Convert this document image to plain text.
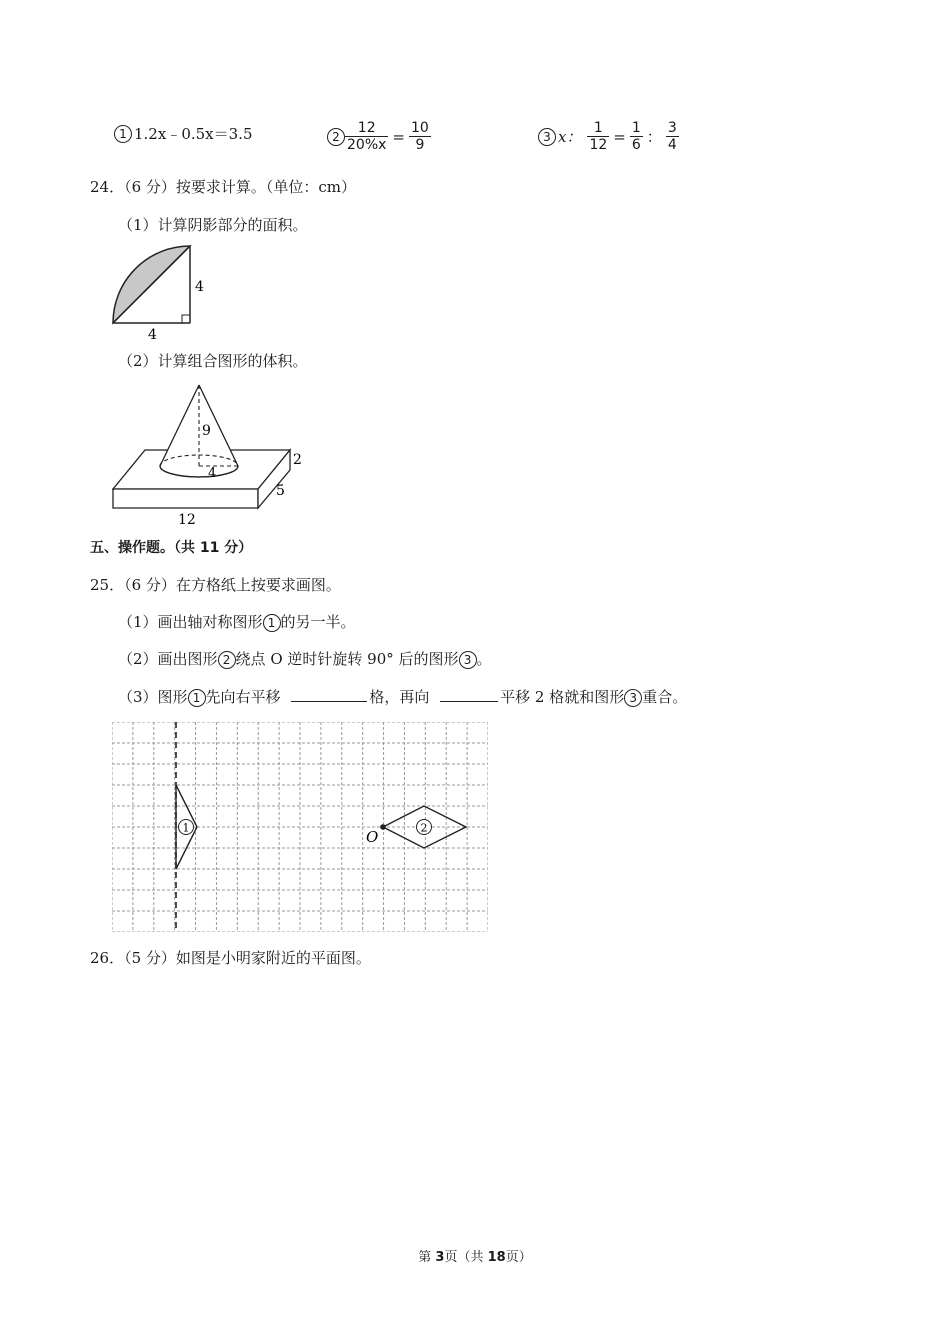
1 1.2x﹣0.5x＝3.5	$2 \frac{12}{20\%x} = \frac{10}{9}$	3 x： $\frac{1}{12} = \frac{1}{6}$ ： $\frac{3}{4}$
24．（6 分）按要求计算。（单位：cm）
（1）计算阴影部分的面积。
4
4
（2）计算组合图形的体积。
9
4
2
5
12
五、操作题。（共 11 分）
25．（6 分）在方格纸上按要求画图。
（1）画出轴对称图形 1 的另一半。
（2）画出图形 2 绕点 O 逆时针旋转 90° 后的图形 3 。
（3）图形 1 先向右平移	格，再向	平移 2 格就和图形 3 重合。
1	2
O
26．（5 分）如图是小明家附近的平面图。
第 3页（共 18页）
